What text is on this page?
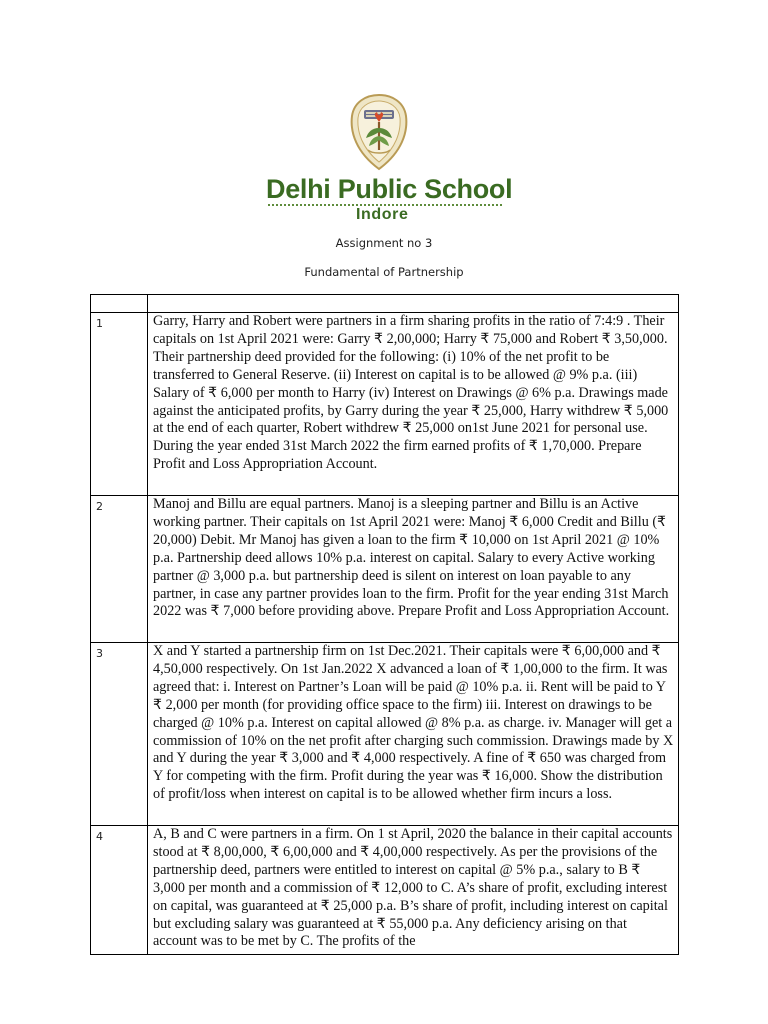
Delhi Public School
Indore
Assignment no 3
Fundamental of Partnership

1	Garry, Harry and Robert were partners in a firm sharing profits in the ratio of 7:4:9 . Their capitals on 1st April 2021 were: Garry ₹ 2,00,000; Harry ₹ 75,000 and Robert ₹ 3,50,000. Their partnership deed provided for the following: (i) 10% of the net profit to be transferred to General Reserve. (ii) Interest on capital is to be allowed @ 9% p.a. (iii) Salary of ₹ 6,000 per month to Harry (iv) Interest on Drawings @ 6% p.a. Drawings made against the anticipated profits, by Garry during the year ₹ 25,000, Harry withdrew ₹ 5,000 at the end of each quarter, Robert withdrew ₹ 25,000 on1st June 2021 for personal use. During the year ended 31st March 2022 the firm earned profits of ₹ 1,70,000. Prepare Profit and Loss Appropriation Account.
2	Manoj and Billu are equal partners. Manoj is a sleeping partner and Billu is an Active working partner. Their capitals on 1st April 2021 were: Manoj ₹ 6,000 Credit and Billu (₹ 20,000) Debit. Mr Manoj has given a loan to the firm ₹ 10,000 on 1st April 2021 @ 10% p.a. Partnership deed allows 10% p.a. interest on capital. Salary to every Active working partner @ 3,000 p.a. but partnership deed is silent on interest on loan payable to any partner, in case any partner provides loan to the firm. Profit for the year ending 31st March 2022 was ₹ 7,000 before providing above. Prepare Profit and Loss Appropriation Account.
3	X and Y started a partnership firm on 1st Dec.2021. Their capitals were ₹ 6,00,000 and ₹ 4,50,000 respectively. On 1st Jan.2022 X advanced a loan of ₹ 1,00,000 to the firm. It was agreed that: i. Interest on Partner’s Loan will be paid @ 10% p.a. ii. Rent will be paid to Y ₹ 2,000 per month (for providing office space to the firm) iii. Interest on drawings to be charged @ 10% p.a. Interest on capital allowed @ 8% p.a. as charge. iv. Manager will get a commission of 10% on the net profit after charging such commission. Drawings made by X and Y during the year ₹ 3,000 and ₹ 4,000 respectively. A fine of ₹ 650 was charged from Y for competing with the firm. Profit during the year was ₹ 16,000. Show the distribution of profit/loss when interest on capital is to be allowed whether firm incurs a loss.
4	A, B and C were partners in a firm. On 1 st April, 2020 the balance in their capital accounts stood at ₹ 8,00,000, ₹ 6,00,000 and ₹ 4,00,000 respectively. As per the provisions of the partnership deed, partners were entitled to interest on capital @ 5% p.a., salary to B ₹ 3,000 per month and a commission of ₹ 12,000 to C. A’s share of profit, excluding interest on capital, was guaranteed at ₹ 25,000 p.a. B’s share of profit, including interest on capital but excluding salary was guaranteed at ₹ 55,000 p.a. Any deficiency arising on that account was to be met by C. The profits of the
